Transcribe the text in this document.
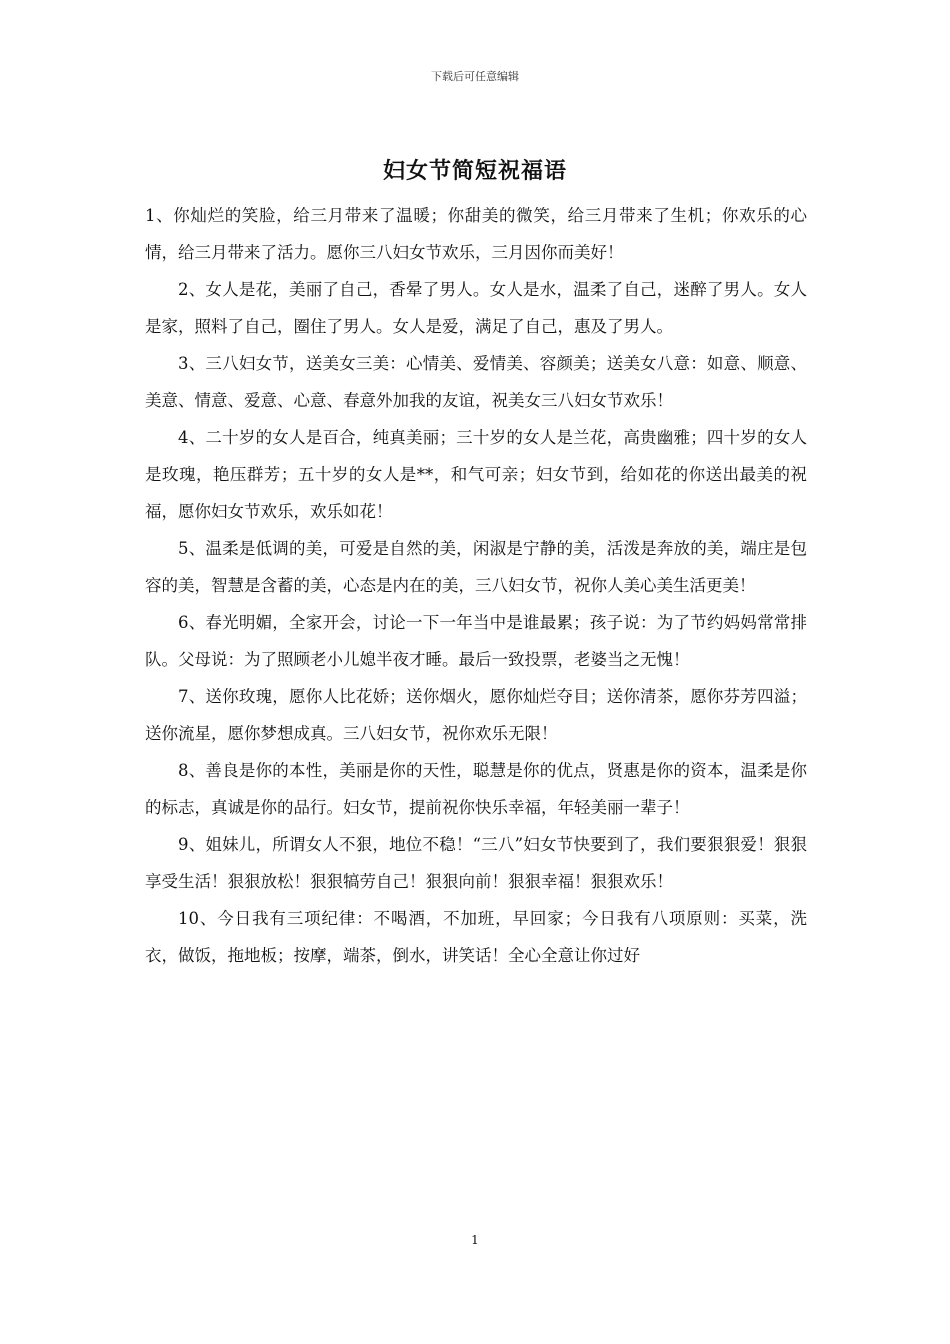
下载后可任意编辑
妇女节简短祝福语

1、你灿烂的笑脸，给三月带来了温暖；你甜美的微笑，给三月带来了生机；你欢乐的心情，给三月带来了活力。愿你三八妇女节欢乐，三月因你而美好！

2、女人是花，美丽了自己，香晕了男人。女人是水，温柔了自己，迷醉了男人。女人是家，照料了自己，圈住了男人。女人是爱，满足了自己，惠及了男人。

3、三八妇女节，送美女三美：心情美、爱情美、容颜美；送美女八意：如意、顺意、美意、情意、爱意、心意、春意外加我的友谊，祝美女三八妇女节欢乐！

4、二十岁的女人是百合，纯真美丽；三十岁的女人是兰花，高贵幽雅；四十岁的女人是玫瑰，艳压群芳；五十岁的女人是**，和气可亲；妇女节到，给如花的你送出最美的祝福，愿你妇女节欢乐，欢乐如花！

5、温柔是低调的美，可爱是自然的美，闲淑是宁静的美，活泼是奔放的美，端庄是包容的美，智慧是含蓄的美，心态是内在的美，三八妇女节，祝你人美心美生活更美！

6、春光明媚，全家开会，讨论一下一年当中是谁最累；孩子说：为了节约妈妈常常排队。父母说：为了照顾老小儿媳半夜才睡。最后一致投票，老婆当之无愧！

7、送你玫瑰，愿你人比花娇；送你烟火，愿你灿烂夺目；送你清茶，愿你芬芳四溢；送你流星，愿你梦想成真。三八妇女节，祝你欢乐无限！

8、善良是你的本性，美丽是你的天性，聪慧是你的优点，贤惠是你的资本，温柔是你的标志，真诚是你的品行。妇女节，提前祝你快乐幸福，年轻美丽一辈子！

9、姐妹儿，所谓女人不狠，地位不稳！“三八”妇女节快要到了，我们要狠狠爱！狠狠享受生活！狠狠放松！狠狠犒劳自己！狠狠向前！狠狠幸福！狠狠欢乐！

10、今日我有三项纪律：不喝酒，不加班，早回家；今日我有八项原则：买菜，洗衣，做饭，拖地板；按摩，端茶，倒水，讲笑话！全心全意让你过好

1
